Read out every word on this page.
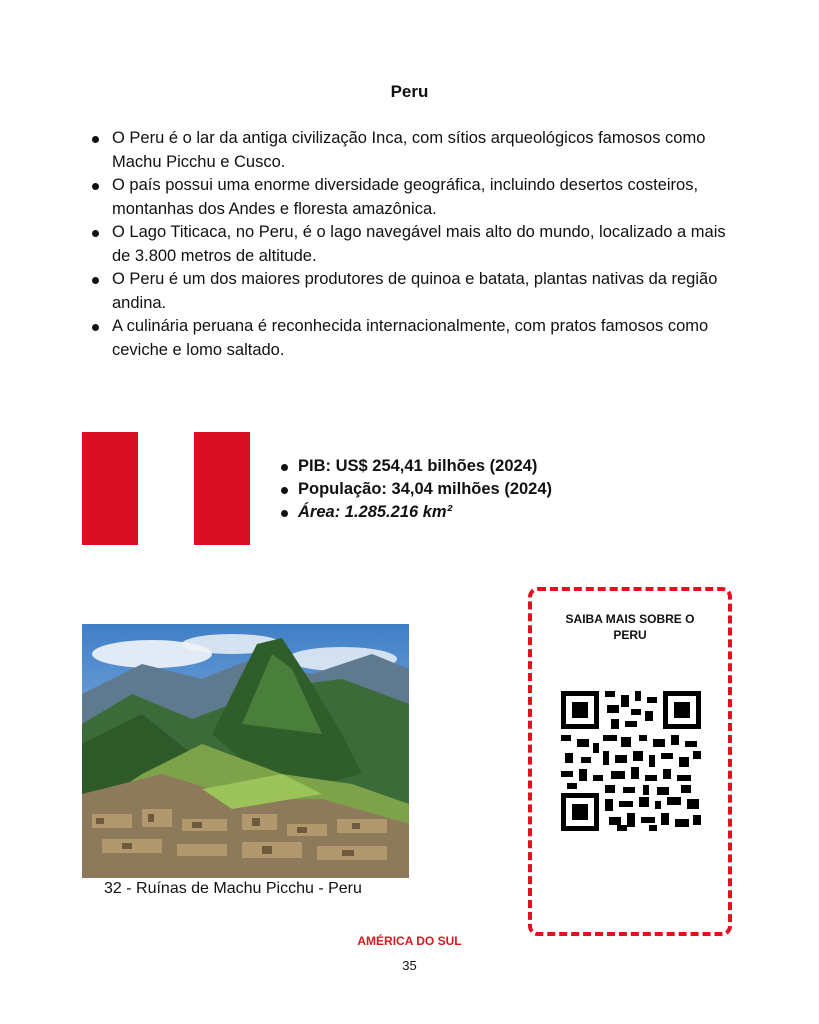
Peru
O Peru é o lar da antiga civilização Inca, com sítios arqueológicos famosos como Machu Picchu e Cusco.
O país possui uma enorme diversidade geográfica, incluindo desertos costeiros, montanhas dos Andes e floresta amazônica.
O Lago Titicaca, no Peru, é o lago navegável mais alto do mundo, localizado a mais de 3.800 metros de altitude.
O Peru é um dos maiores produtores de quinoa e batata, plantas nativas da região andina.
A culinária peruana é reconhecida internacionalmente, com pratos famosos como ceviche e lomo saltado.
PIB: US$ 254,41 bilhões (2024)
População: 34,04 milhões (2024)
Área: 1.285.216 km²
32 - Ruínas de Machu Picchu - Peru
SAIBA MAIS SOBRE O PERU
AMÉRICA DO SUL
35
